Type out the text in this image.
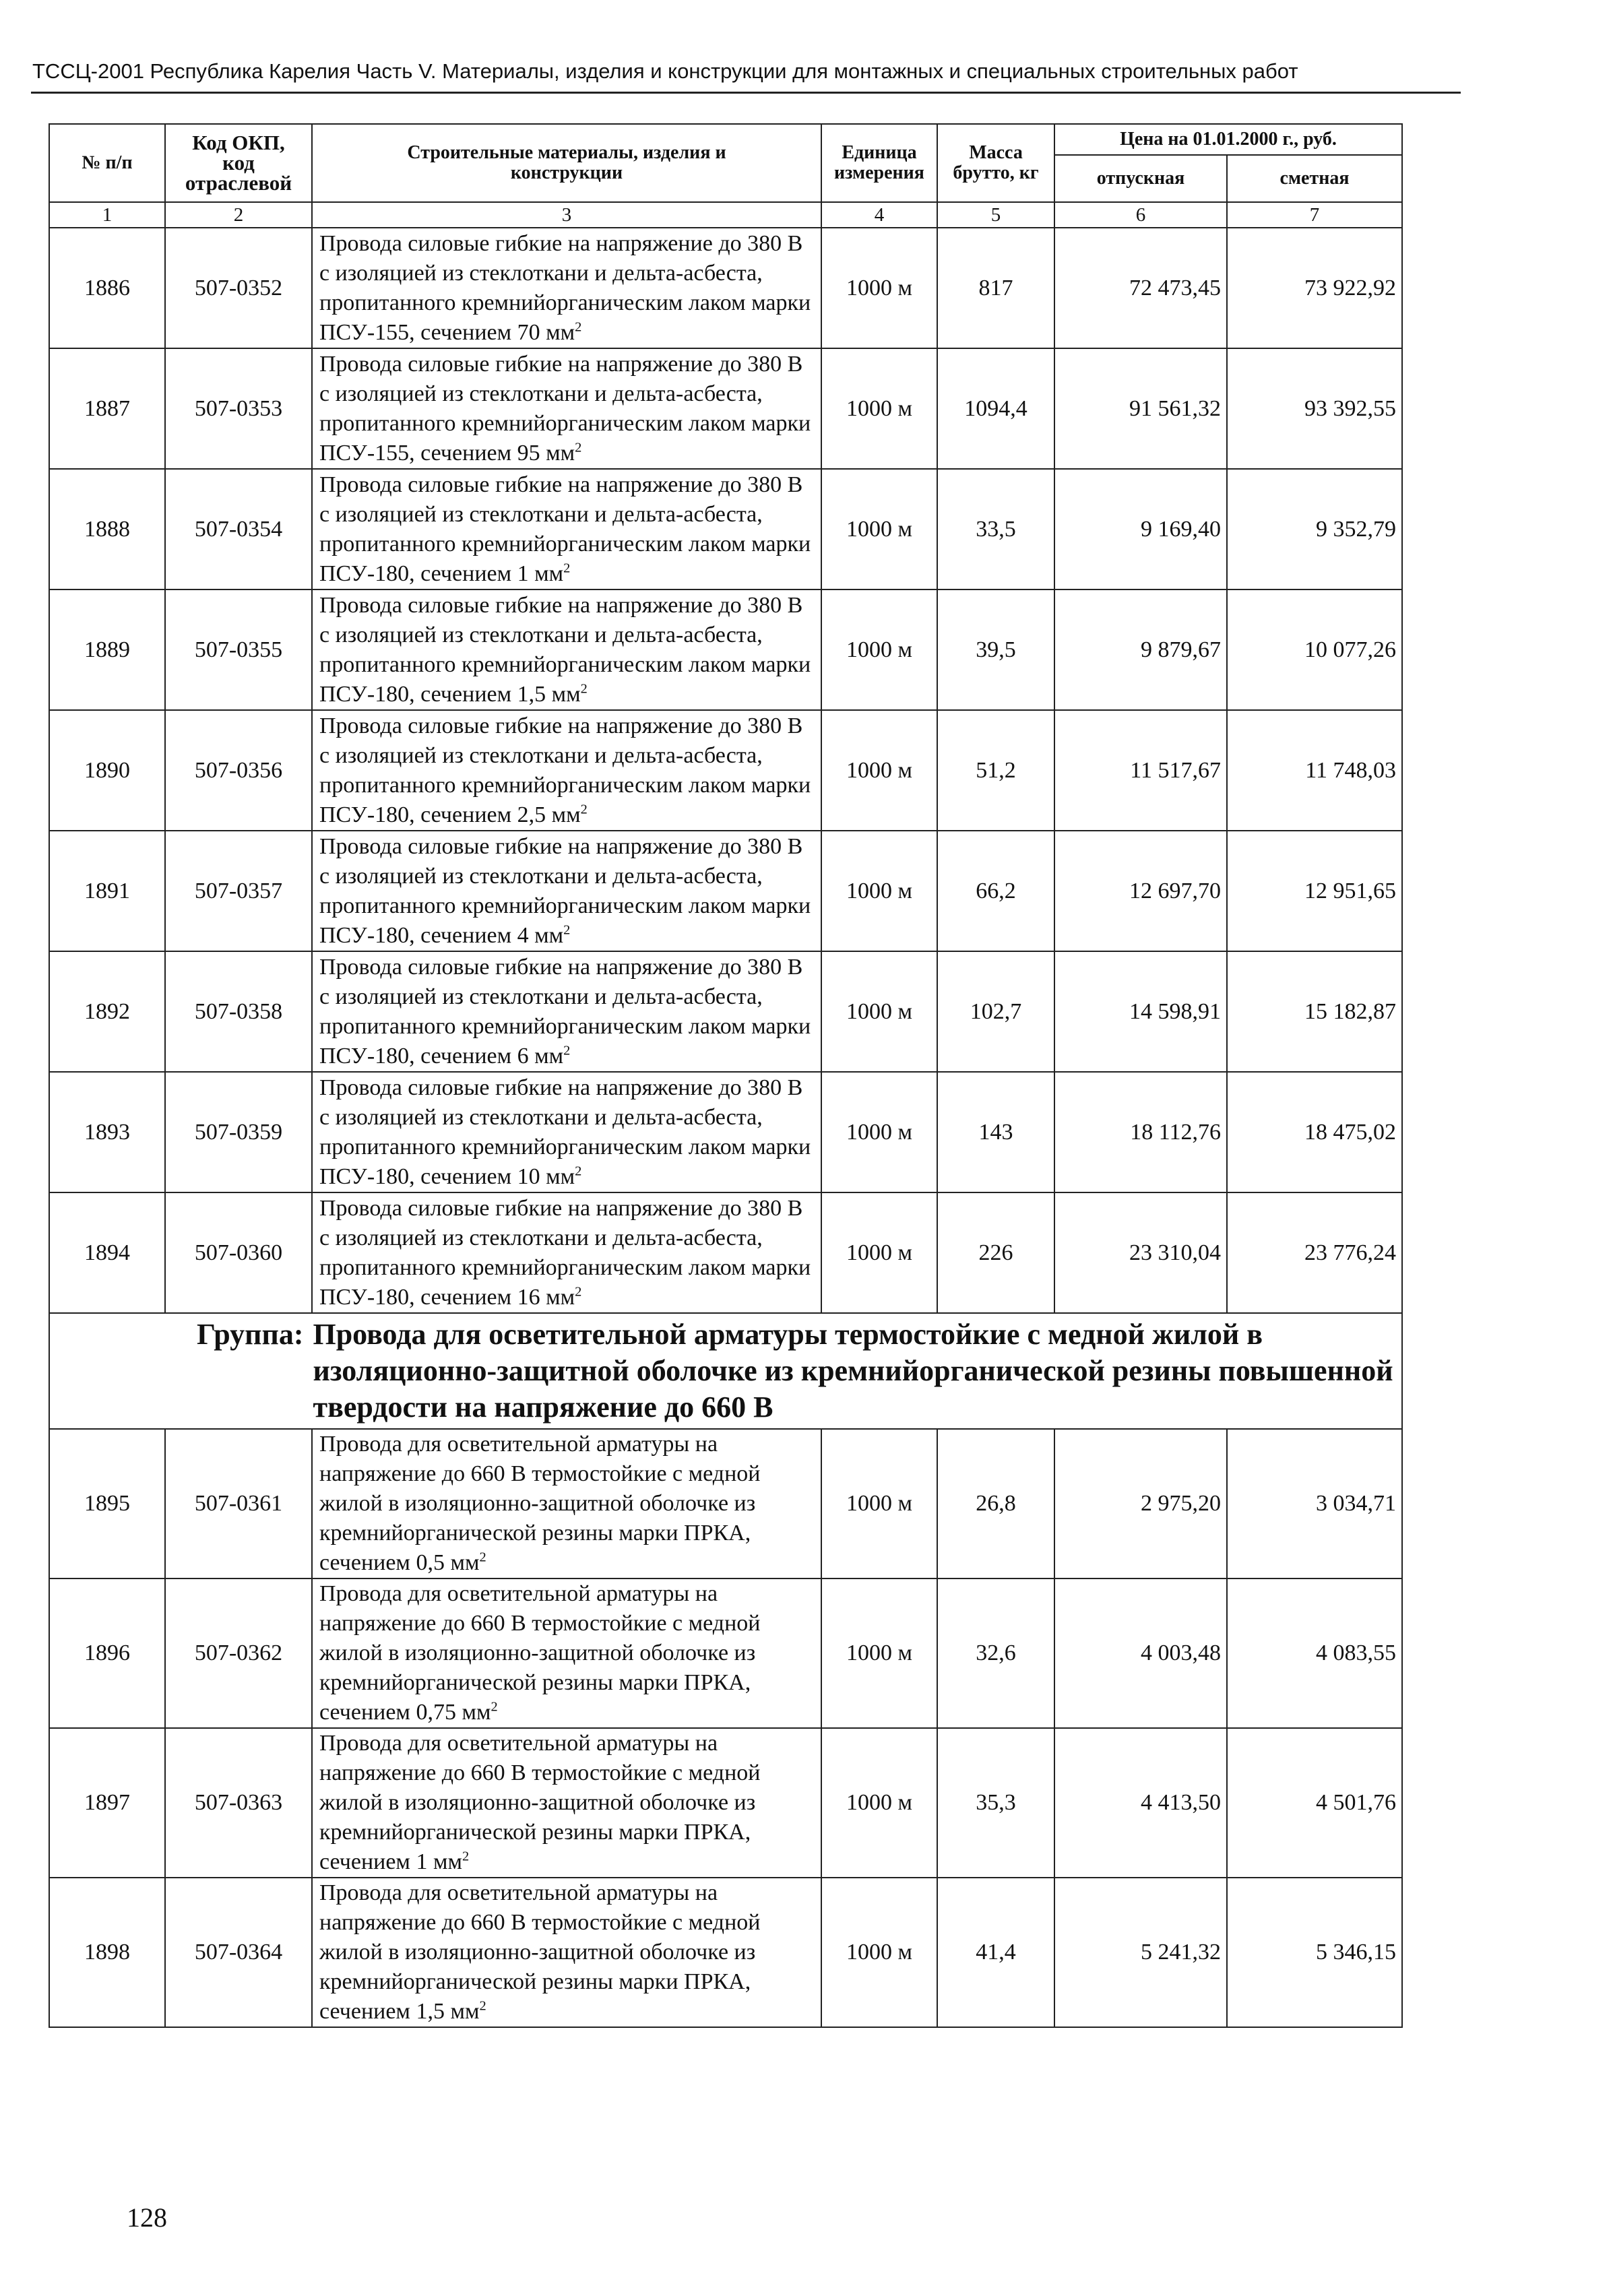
ТССЦ-2001 Республика Карелия Часть V. Материалы, изделия и конструкции для монтажных и специальных строительных работ
№ п/п	Код ОКП,
код
отраслевой	Строительные материалы, изделия и конструкции	Единица измерения	Масса брутто, кг	Цена на 01.01.2000 г., руб.	
					отпускная	сметная
1	2	3	4	5	6	7
1886	507-0352	Провода силовые гибкие на напряжение до 380 В с изоляцией из стеклоткани и дельта-асбеста, пропитанного кремнийорганическим лаком марки ПСУ-155, сечением 70 $мм^2$	1000 м	817	72 473,45	73 922,92
1887	507-0353	Провода силовые гибкие на напряжение до 380 В с изоляцией из стеклоткани и дельта-асбеста, пропитанного кремнийорганическим лаком марки ПСУ-155, сечением 95 $мм^2$	1000 м	1094,4	91 561,32	93 392,55
1888	507-0354	Провода силовые гибкие на напряжение до 380 В с изоляцией из стеклоткани и дельта-асбеста, пропитанного кремнийорганическим лаком марки ПСУ-180, сечением 1 $мм^2$	1000 м	33,5	9 169,40	9 352,79
1889	507-0355	Провода силовые гибкие на напряжение до 380 В с изоляцией из стеклоткани и дельта-асбеста, пропитанного кремнийорганическим лаком марки ПСУ-180, сечением 1,5 $мм^2$	1000 м	39,5	9 879,67	10 077,26
1890	507-0356	Провода силовые гибкие на напряжение до 380 В с изоляцией из стеклоткани и дельта-асбеста, пропитанного кремнийорганическим лаком марки ПСУ-180, сечением 2,5 $мм^2$	1000 м	51,2	11 517,67	11 748,03
1891	507-0357	Провода силовые гибкие на напряжение до 380 В с изоляцией из стеклоткани и дельта-асбеста, пропитанного кремнийорганическим лаком марки ПСУ-180, сечением 4 $мм^2$	1000 м	66,2	12 697,70	12 951,65
1892	507-0358	Провода силовые гибкие на напряжение до 380 В с изоляцией из стеклоткани и дельта-асбеста, пропитанного кремнийорганическим лаком марки ПСУ-180, сечением 6 $мм^2$	1000 м	102,7	14 598,91	15 182,87
1893	507-0359	Провода силовые гибкие на напряжение до 380 В с изоляцией из стеклоткани и дельта-асбеста, пропитанного кремнийорганическим лаком марки ПСУ-180, сечением 10 $мм^2$	1000 м	143	18 112,76	18 475,02
1894	507-0360	Провода силовые гибкие на напряжение до 380 В с изоляцией из стеклоткани и дельта-асбеста, пропитанного кремнийорганическим лаком марки ПСУ-180, сечением 16 $мм^2$	1000 м	226	23 310,04	23 776,24

Группа: Провода для осветительной арматуры термостойкие с медной жилой в изоляционно-защитной оболочке из кремнийорганической резины повышенной твердости на напряжение до 660 В						

1895	507-0361	Провода для осветительной арматуры на напряжение до 660 В термостойкие с медной жилой в изоляционно-защитной оболочке из кремнийорганической резины марки ПРКА, сечением 0,5 $мм^2$	1000 м	26,8	2 975,20	3 034,71
1896	507-0362	Провода для осветительной арматуры на напряжение до 660 В термостойкие с медной жилой в изоляционно-защитной оболочке из кремнийорганической резины марки ПРКА, сечением 0,75 $мм^2$	1000 м	32,6	4 003,48	4 083,55
1897	507-0363	Провода для осветительной арматуры на напряжение до 660 В термостойкие с медной жилой в изоляционно-защитной оболочке из кремнийорганической резины марки ПРКА, сечением 1 $мм^2$	1000 м	35,3	4 413,50	4 501,76
1898	507-0364	Провода для осветительной арматуры на напряжение до 660 В термостойкие с медной жилой в изоляционно-защитной оболочке из кремнийорганической резины марки ПРКА, сечением 1,5 $мм^2$	1000 м	41,4	5 241,32	5 346,15
128
